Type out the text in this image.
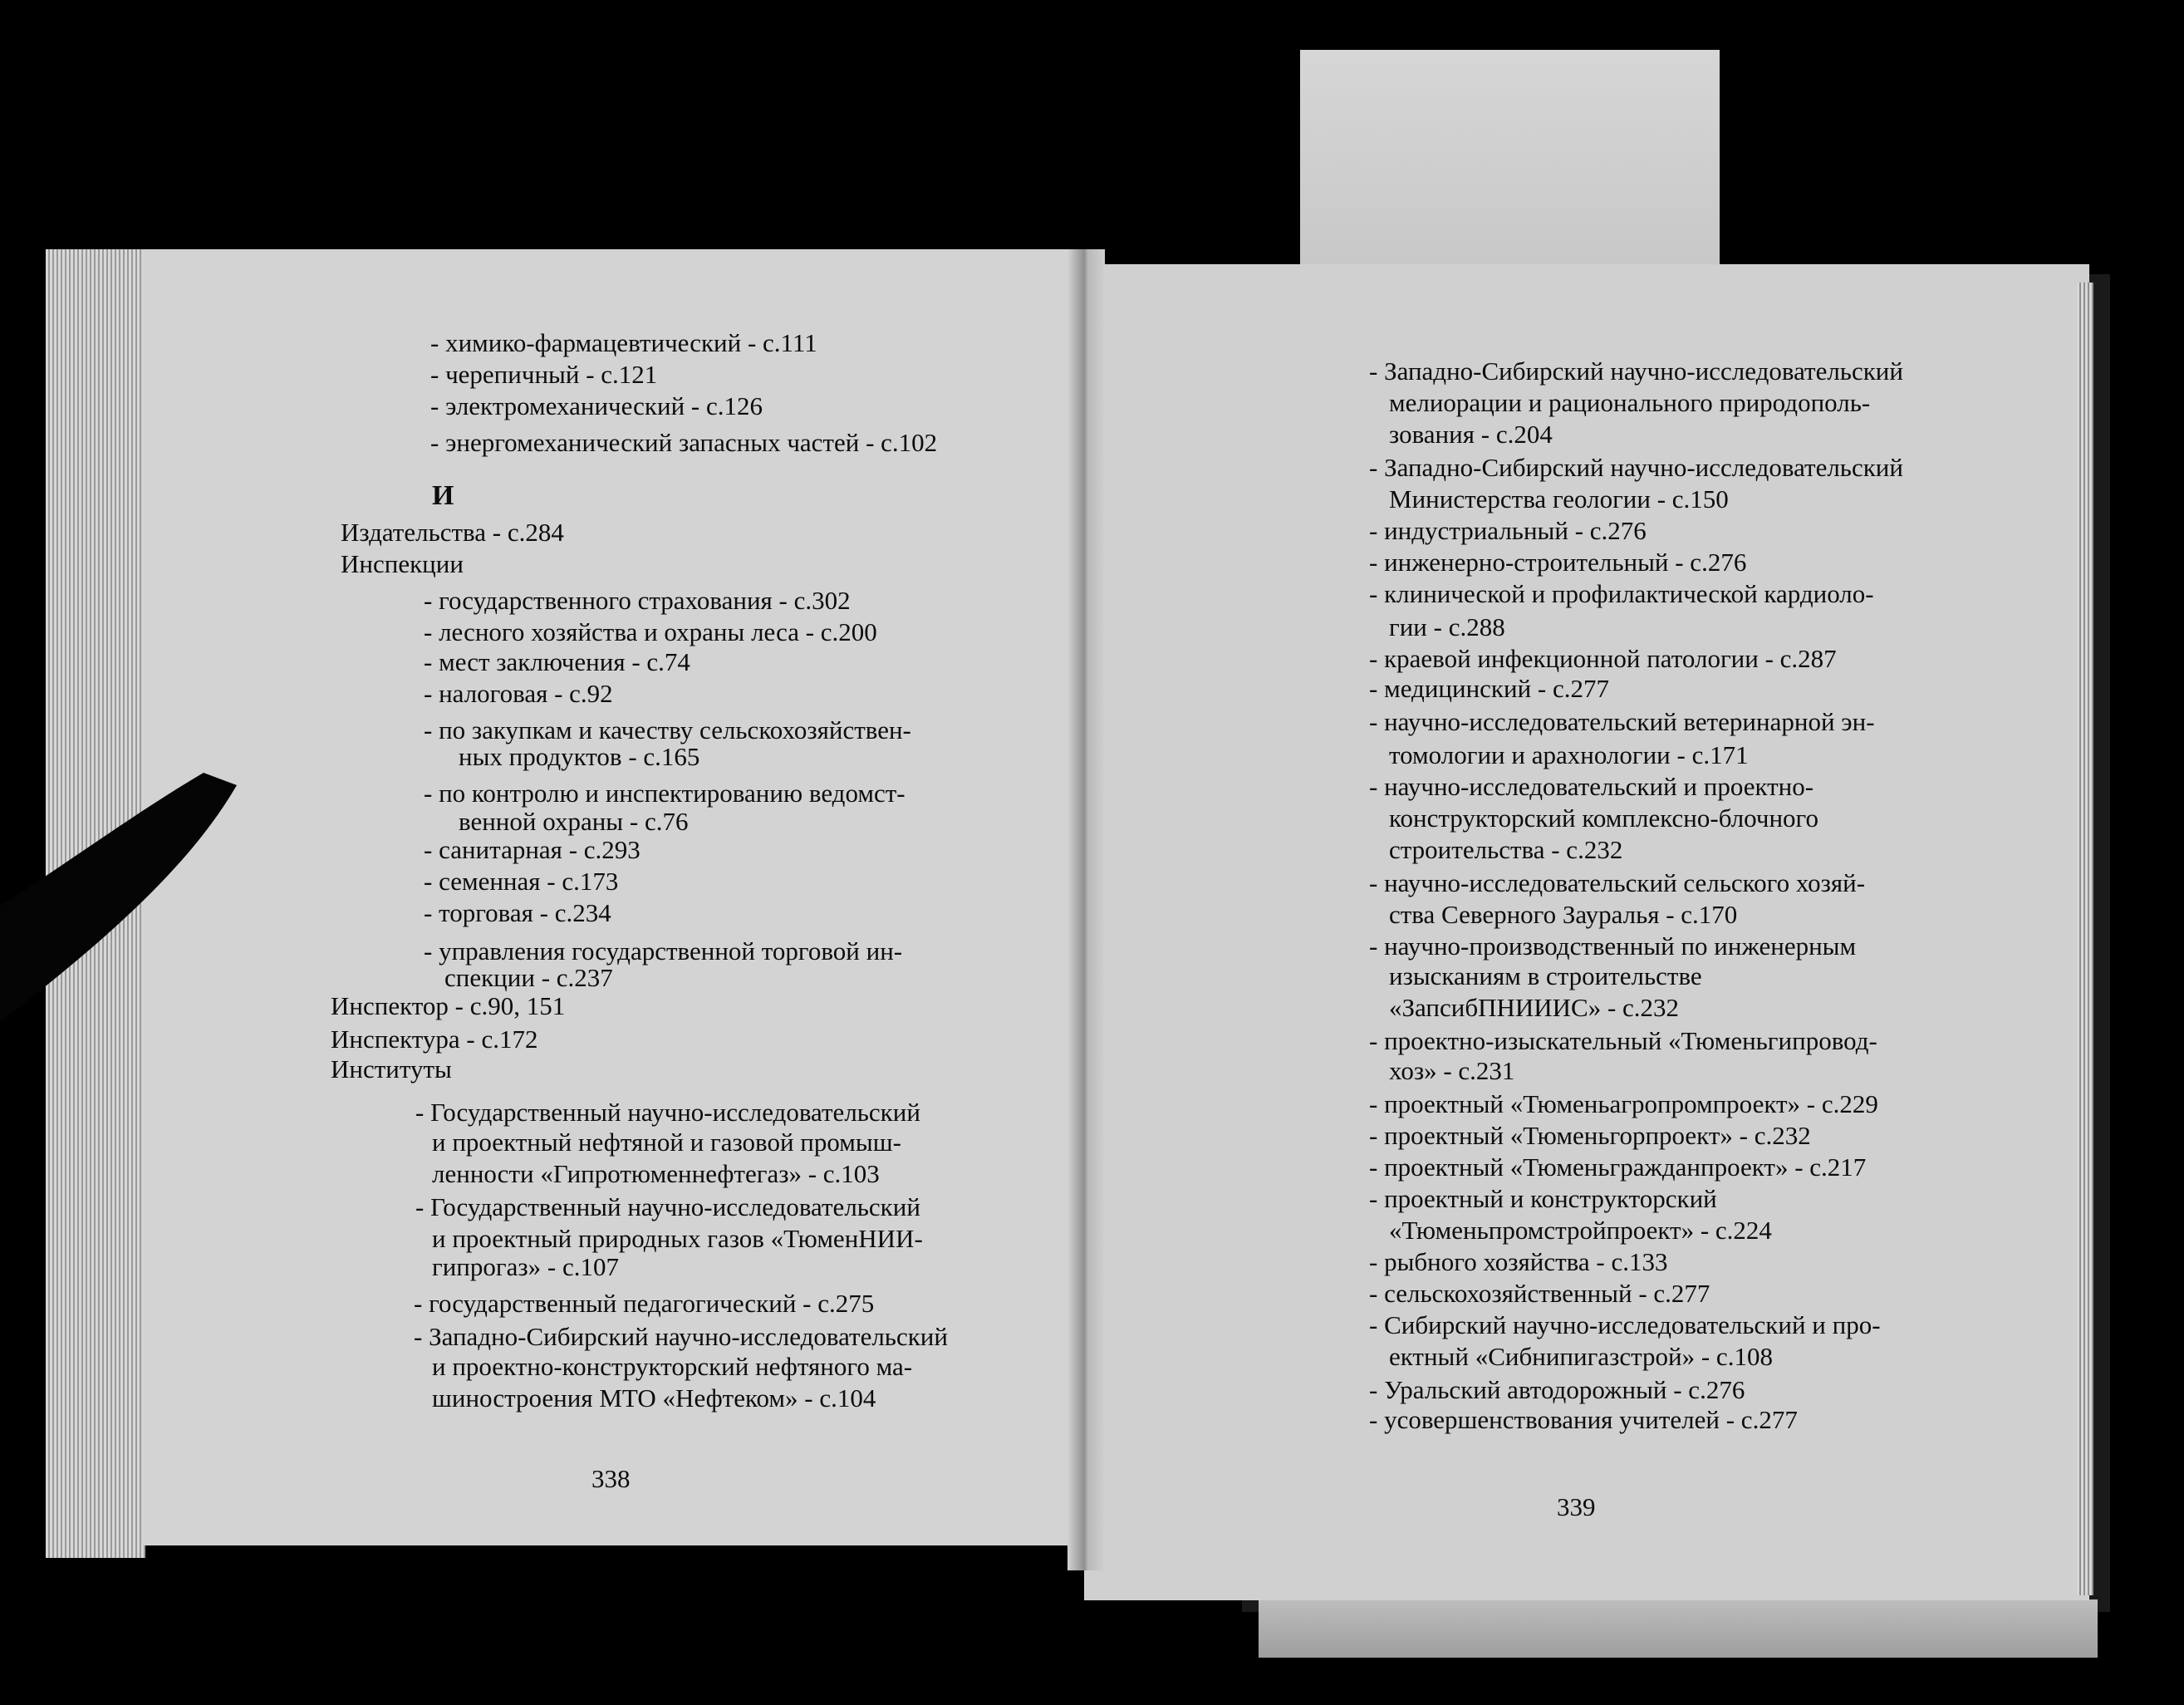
- химико-фармацевтический - с.111
- черепичный - с.121
- электромеханический - с.126
- энергомеханический запасных частей - с.102
И
Издательства - с.284
Инспекции
- государственного страхования - с.302
- лесного хозяйства и охраны леса - с.200
- мест заключения - с.74
- налоговая - с.92
- по закупкам и качеству сельскохозяйствен-
ных продуктов - с.165
- по контролю и инспектированию ведомст-
венной охраны - с.76
- санитарная - с.293
- семенная - с.173
- торговая - с.234
- управления государственной торговой ин-
спекции - с.237
Инспектор - с.90, 151
Инспектура - с.172
Институты
- Государственный научно-исследовательский
и проектный нефтяной и газовой промыш-
ленности «Гипротюменнефтегаз» - с.103
- Государственный научно-исследовательский
и проектный природных газов «ТюменНИИ-
гипрогаз» - с.107
- государственный педагогический - с.275
- Западно-Сибирский научно-исследовательский
и проектно-конструкторский нефтяного ма-
шиностроения МТО «Нефтеком» - с.104
338
- Западно-Сибирский научно-исследовательский
мелиорации и рационального природополь-
зования - с.204
- Западно-Сибирский научно-исследовательский
Министерства геологии - с.150
- индустриальный - с.276
- инженерно-строительный - с.276
- клинической и профилактической кардиоло-
гии - с.288
- краевой инфекционной патологии - с.287
- медицинский - с.277
- научно-исследовательский ветеринарной эн-
томологии и арахнологии - с.171
- научно-исследовательский и проектно-
конструкторский комплексно-блочного
строительства - с.232
- научно-исследовательский сельского хозяй-
ства Северного Зауралья - с.170
- научно-производственный по инженерным
изысканиям в строительстве
«ЗапсибПНИИИС» - с.232
- проектно-изыскательный «Тюменьгипровод-
хоз» - с.231
- проектный «Тюменьагропромпроект» - с.229
- проектный «Тюменьгорпроект» - с.232
- проектный «Тюменьгражданпроект» - с.217
- проектный и конструкторский
«Тюменьпромстройпроект» - с.224
- рыбного хозяйства - с.133
- сельскохозяйственный - с.277
- Сибирский научно-исследовательский и про-
ектный «Сибнипигазстрой» - с.108
- Уральский автодорожный - с.276
- усовершенствования учителей - с.277
339
